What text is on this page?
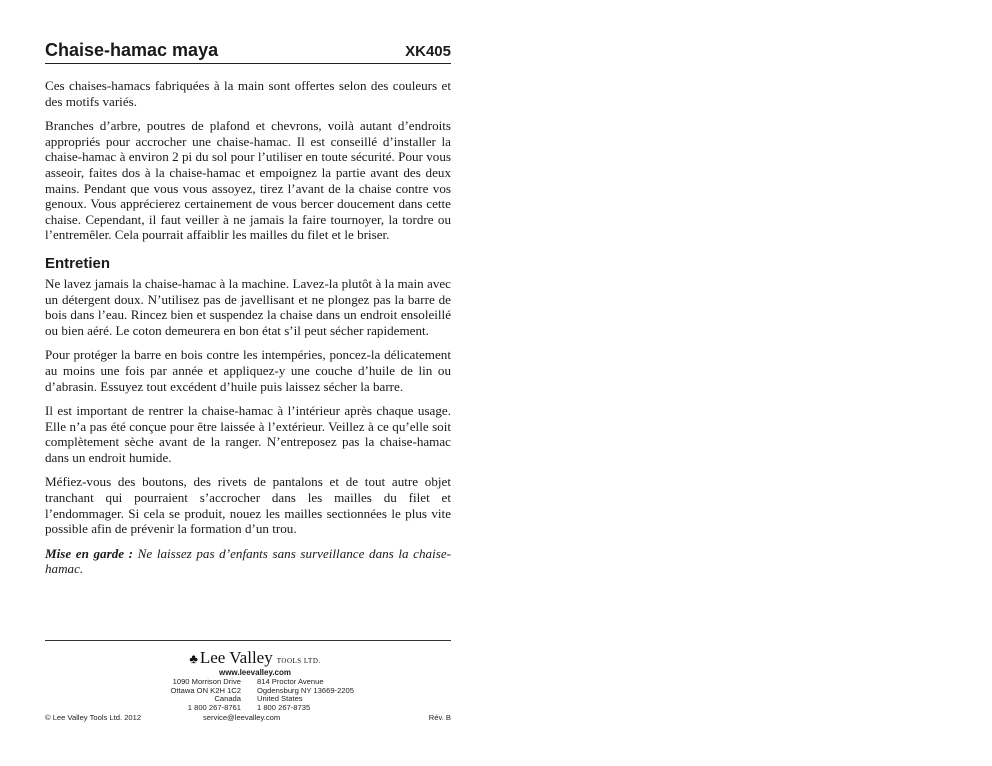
Chaise-hamac maya	XK405

Ces chaises-hamacs fabriquées à la main sont offertes selon des couleurs et des motifs variés.

Branches d’arbre, poutres de plafond et chevrons, voilà autant d’endroits appropriés pour accrocher une chaise-hamac. Il est conseillé d’installer la chaise-hamac à environ 2 pi du sol pour l’utiliser en toute sécurité. Pour vous asseoir, faites dos à la chaise-hamac et empoignez la partie avant des deux mains. Pendant que vous vous assoyez, tirez l’avant de la chaise contre vos genoux. Vous apprécierez certainement de vous bercer doucement dans cette chaise. Cependant, il faut veiller à ne jamais la faire tournoyer, la tordre ou l’entremêler. Cela pourrait affaiblir les mailles du filet et le briser.

Entretien

Ne lavez jamais la chaise-hamac à la machine. Lavez-la plutôt à la main avec un détergent doux. N’utilisez pas de javellisant et ne plongez pas la barre de bois dans l’eau. Rincez bien et suspendez la chaise dans un endroit ensoleillé ou bien aéré. Le coton demeurera en bon état s’il peut sécher rapidement.

Pour protéger la barre en bois contre les intempéries, poncez-la délicatement au moins une fois par année et appliquez-y une couche d’huile de lin ou d’abrasin. Essuyez tout excédent d’huile puis laissez sécher la barre.

Il est important de rentrer la chaise-hamac à l’intérieur après chaque usage. Elle n’a pas été conçue pour être laissée à l’extérieur. Veillez à ce qu’elle soit complètement sèche avant de la ranger. N’entreposez pas la chaise-hamac dans un endroit humide.

Méfiez-vous des boutons, des rivets de pantalons et de tout autre objet tranchant qui pourraient s’accrocher dans les mailles du filet et l’endommager. Si cela se produit, nouez les mailles sectionnées le plus vite possible afin de prévenir la formation d’un trou.

Mise en garde : Ne laissez pas d’enfants sans surveillance dans la chaise-hamac.

♣ Lee Valley TOOLS LTD.
www.leevalley.com
1090 Morrison Drive
Ottawa ON K2H 1C2
Canada
1 800 267-8761
814 Proctor Avenue
Ogdensburg NY 13669-2205
United States
1 800 267-8735
© Lee Valley Tools Ltd. 2012	service@leevalley.com	Rév. B
